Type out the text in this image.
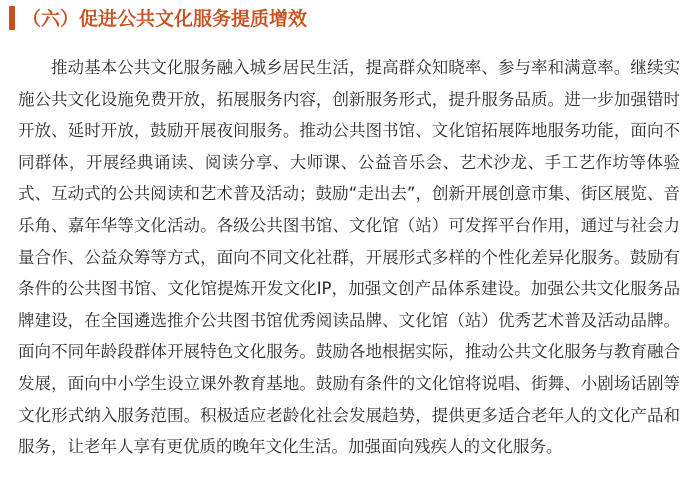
（六）促进公共文化服务提质增效

推动基本公共文化服务融入城乡居民生活，提高群众知晓率、参与率和满意率。继续实施公共文化设施免费开放，拓展服务内容，创新服务形式，提升服务品质。进一步加强错时开放、延时开放，鼓励开展夜间服务。推动公共图书馆、文化馆拓展阵地服务功能，面向不同群体，开展经典诵读、阅读分享、大师课、公益音乐会、艺术沙龙、手工艺作坊等体验式、互动式的公共阅读和艺术普及活动；鼓励“走出去”，创新开展创意市集、街区展览、音乐角、嘉年华等文化活动。各级公共图书馆、文化馆（站）可发挥平台作用，通过与社会力量合作、公益众筹等方式，面向不同文化社群，开展形式多样的个性化差异化服务。鼓励有条件的公共图书馆、文化馆提炼开发文化IP，加强文创产品体系建设。加强公共文化服务品牌建设，在全国遴选推介公共图书馆优秀阅读品牌、文化馆（站）优秀艺术普及活动品牌。面向不同年龄段群体开展特色文化服务。鼓励各地根据实际，推动公共文化服务与教育融合发展，面向中小学生设立课外教育基地。鼓励有条件的文化馆将说唱、街舞、小剧场话剧等文化形式纳入服务范围。积极适应老龄化社会发展趋势，提供更多适合老年人的文化产品和服务，让老年人享有更优质的晚年文化生活。加强面向残疾人的文化服务。
